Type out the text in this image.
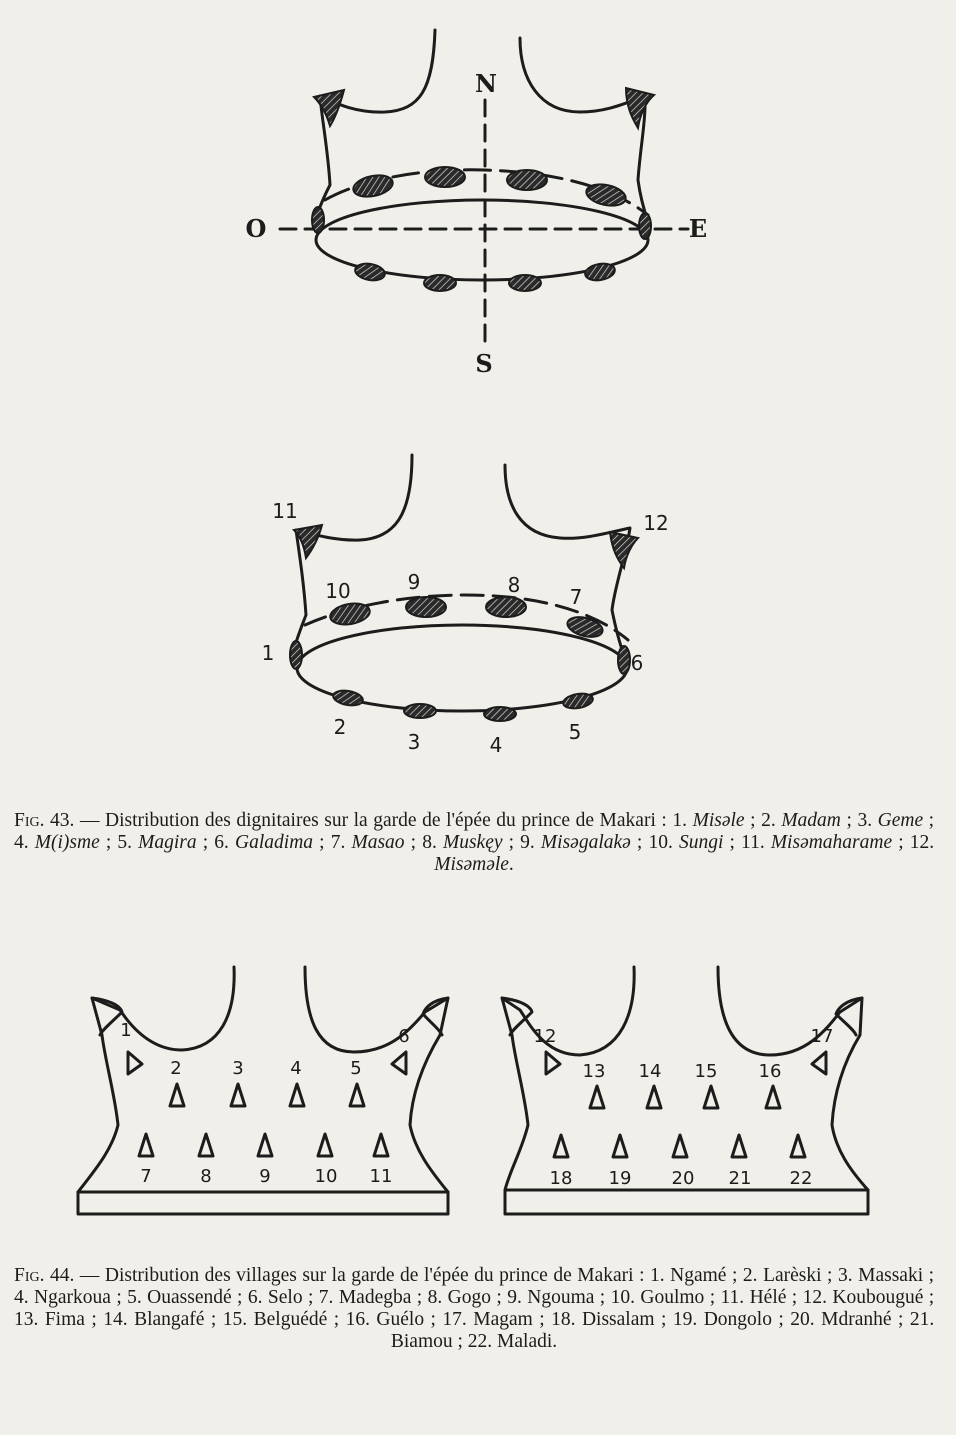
N
S
O	E
1
2
3	4
5
6
7
8
9
10
11	12
1
2	3	4	5
6
7	8	9 10 11
12
13 14 15 16
17
18 19 20 21 22
Fig. 43. — Distribution des dignitaires sur la garde de l'épée du prince de Makari : 1. Misəle ; 2. Madam ; 3. Geme ; 4. M(i)sme ; 5. Magira ; 6. Galadima ; 7. Masao ; 8. Muskęy ; 9. Misəgalakə ; 10. Sungi ; 11. Misəmaharame ; 12. Misəməle.
Fig. 44. — Distribution des villages sur la garde de l'épée du prince de Makari : 1. Ngamé ; 2. Larèski ; 3. Massaki ; 4. Ngarkoua ; 5. Ouassendé ; 6. Selo ; 7. Madegba ; 8. Gogo ; 9. Ngouma ; 10. Goulmo ; 11. Hélé ; 12. Koubougué ; 13. Fima ; 14. Blangafé ; 15. Belguédé ; 16. Guélo ; 17. Magam ; 18. Dissalam ; 19. Dongolo ; 20. Mdranhé ; 21. Biamou ; 22. Maladi.
